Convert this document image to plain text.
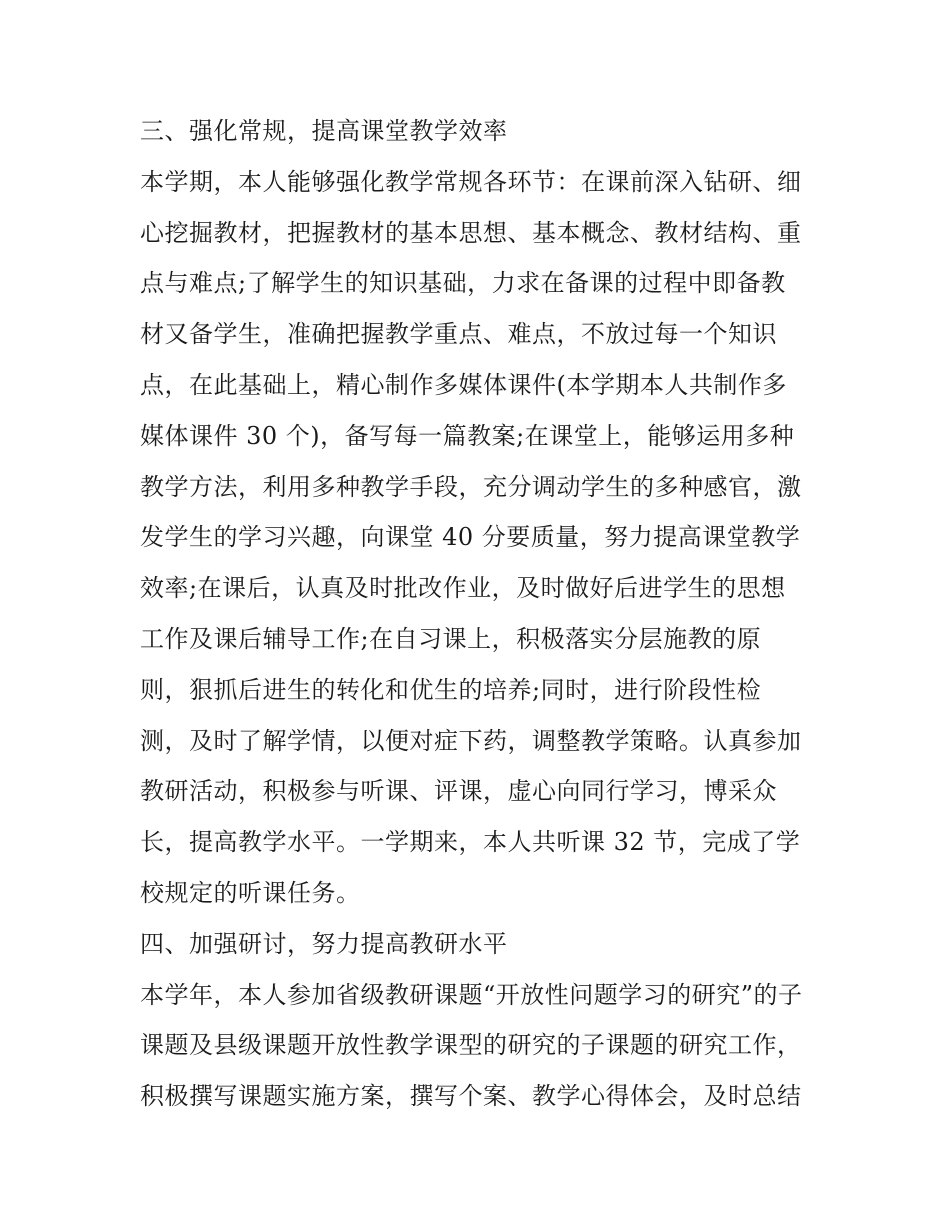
三、强化常规，提高课堂教学效率
本学期，本人能够强化教学常规各环节：在课前深入钻研、细
心挖掘教材，把握教材的基本思想、基本概念、教材结构、重
点与难点;了解学生的知识基础，力求在备课的过程中即备教
材又备学生，准确把握教学重点、难点，不放过每一个知识
点，在此基础上，精心制作多媒体课件(本学期本人共制作多
媒体课件 30 个)，备写每一篇教案;在课堂上，能够运用多种
教学方法，利用多种教学手段，充分调动学生的多种感官，激
发学生的学习兴趣，向课堂 40 分要质量，努力提高课堂教学
效率;在课后，认真及时批改作业，及时做好后进学生的思想
工作及课后辅导工作;在自习课上，积极落实分层施教的原
则，狠抓后进生的转化和优生的培养;同时，进行阶段性检
测，及时了解学情，以便对症下药，调整教学策略。认真参加
教研活动，积极参与听课、评课，虚心向同行学习，博采众
长，提高教学水平。一学期来，本人共听课 32 节，完成了学
校规定的听课任务。
四、加强研讨，努力提高教研水平
本学年，本人参加省级教研课题“开放性问题学习的研究”的子
课题及县级课题开放性教学课型的研究的子课题的研究工作，
积极撰写课题实施方案，撰写个案、教学心得体会，及时总结
